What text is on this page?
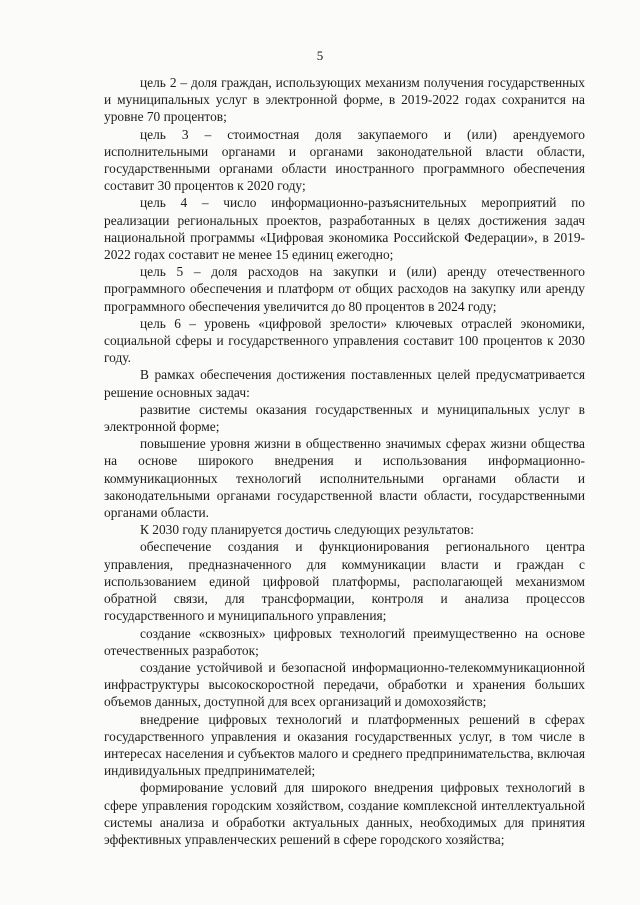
5

цель 2 – доля граждан, использующих механизм получения государственных и муниципальных услуг в электронной форме, в 2019-2022 годах сохранится на уровне 70 процентов;

цель 3 – стоимостная доля закупаемого и (или) арендуемого исполнительными органами и органами законодательной власти области, государственными органами области иностранного программного обеспечения составит 30 процентов к 2020 году;

цель 4 – число информационно-разъяснительных мероприятий по реализации региональных проектов, разработанных в целях достижения задач национальной программы «Цифровая экономика Российской Федерации», в 2019-2022 годах составит не менее 15 единиц ежегодно;

цель 5 – доля расходов на закупки и (или) аренду отечественного программного обеспечения и платформ от общих расходов на закупку или аренду программного обеспечения увеличится до 80 процентов в 2024 году;

цель 6 – уровень «цифровой зрелости» ключевых отраслей экономики, социальной сферы и государственного управления составит 100 процентов к 2030 году.

В рамках обеспечения достижения поставленных целей предусматривается решение основных задач:

развитие системы оказания государственных и муниципальных услуг в электронной форме;

повышение уровня жизни в общественно значимых сферах жизни общества на основе широкого внедрения и использования информационно-коммуникационных технологий исполнительными органами области и законодательными органами государственной власти области, государственными органами области.

К 2030 году планируется достичь следующих результатов:

обеспечение создания и функционирования регионального центра управления, предназначенного для коммуникации власти и граждан с использованием единой цифровой платформы, располагающей механизмом обратной связи, для трансформации, контроля и анализа процессов государственного и муниципального управления;

создание «сквозных» цифровых технологий преимущественно на основе отечественных разработок;

создание устойчивой и безопасной информационно-телекоммуникационной инфраструктуры высокоскоростной передачи, обработки и хранения больших объемов данных, доступной для всех организаций и домохозяйств;

внедрение цифровых технологий и платформенных решений в сферах государственного управления и оказания государственных услуг, в том числе в интересах населения и субъектов малого и среднего предпринимательства, включая индивидуальных предпринимателей;

формирование условий для широкого внедрения цифровых технологий в сфере управления городским хозяйством, создание комплексной интеллектуальной системы анализа и обработки актуальных данных, необходимых для принятия эффективных управленческих решений в сфере городского хозяйства;
